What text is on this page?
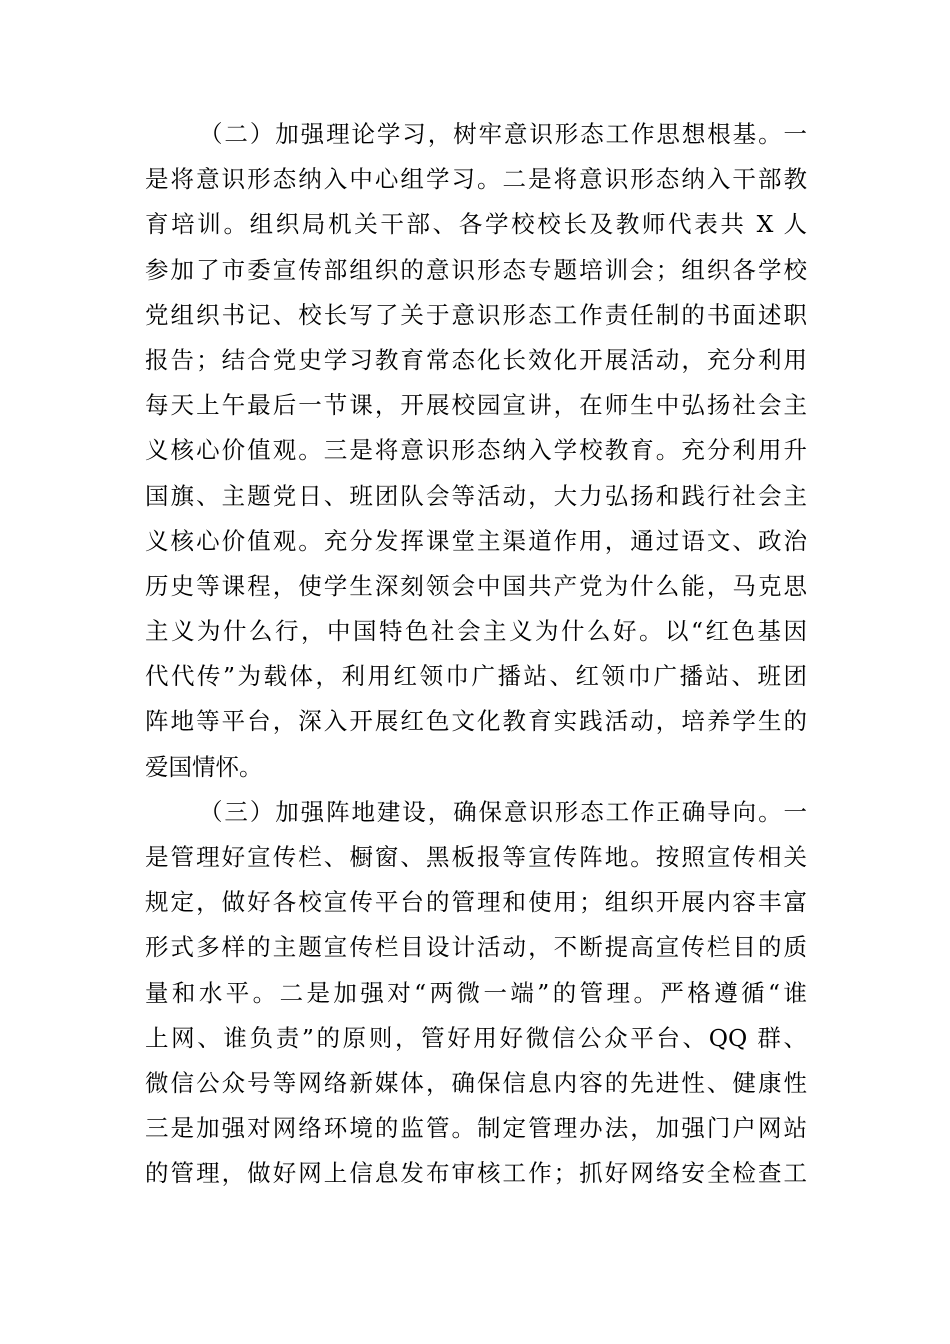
（二）加强理论学习，树牢意识形态工作思想根基。一
是将意识形态纳入中心组学习。二是将意识形态纳入干部教
育培训。组织局机关干部、各学校校长及教师代表共 X 人
参加了市委宣传部组织的意识形态专题培训会；组织各学校
党组织书记、校长写了关于意识形态工作责任制的书面述职
报告；结合党史学习教育常态化长效化开展活动，充分利用
每天上午最后一节课，开展校园宣讲，在师生中弘扬社会主
义核心价值观。三是将意识形态纳入学校教育。充分利用升
国旗、主题党日、班团队会等活动，大力弘扬和践行社会主
义核心价值观。充分发挥课堂主渠道作用，通过语文、政治
历史等课程，使学生深刻领会中国共产党为什么能，马克思
主义为什么行，中国特色社会主义为什么好。以“红色基因
代代传”为载体，利用红领巾广播站、红领巾广播站、班团
阵地等平台，深入开展红色文化教育实践活动，培养学生的
爱国情怀。
（三）加强阵地建设，确保意识形态工作正确导向。一
是管理好宣传栏、橱窗、黑板报等宣传阵地。按照宣传相关
规定，做好各校宣传平台的管理和使用；组织开展内容丰富
形式多样的主题宣传栏目设计活动，不断提高宣传栏目的质
量和水平。二是加强对“两微一端”的管理。严格遵循“谁
上网、谁负责”的原则，管好用好微信公众平台、QQ 群、
微信公众号等网络新媒体，确保信息内容的先进性、健康性
三是加强对网络环境的监管。制定管理办法，加强门户网站
的管理，做好网上信息发布审核工作；抓好网络安全检查工
